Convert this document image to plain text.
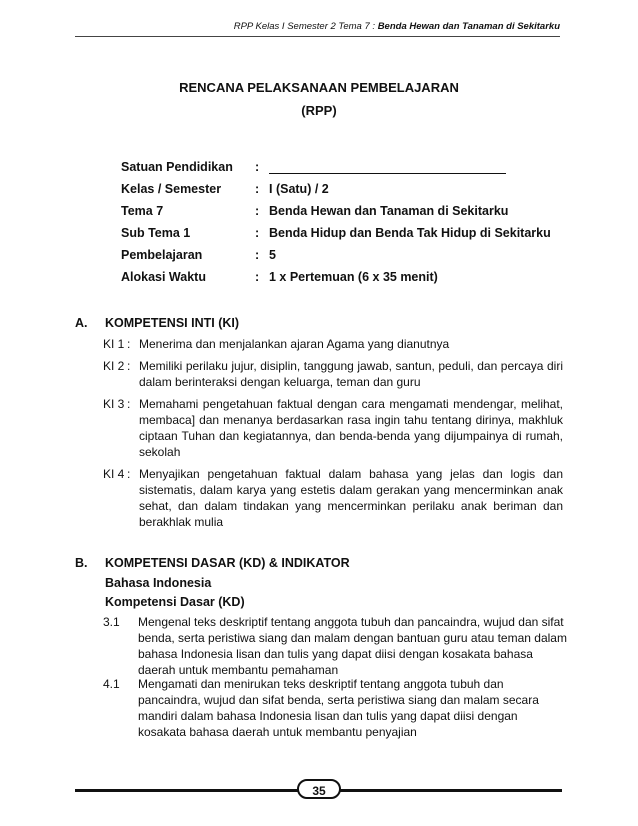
RPP Kelas I Semester 2 Tema 7 : Benda Hewan dan Tanaman di Sekitarku
RENCANA PELAKSANAAN PEMBELAJARAN
(RPP)
Satuan Pendidikan	:
Kelas / Semester	: I (Satu) / 2
Tema 7	: Benda Hewan dan Tanaman di Sekitarku
Sub Tema 1	: Benda Hidup dan Benda Tak Hidup di Sekitarku
Pembelajaran	: 5
Alokasi Waktu	: 1 x Pertemuan (6 x 35 menit)
A. KOMPETENSI INTI (KI)
KI 1 : Menerima dan menjalankan ajaran Agama yang dianutnya
KI 2 : Memiliki perilaku jujur, disiplin, tanggung jawab, santun, peduli, dan percaya diri dalam berinteraksi dengan keluarga, teman dan guru
KI 3 : Memahami pengetahuan faktual dengan cara mengamati mendengar, melihat, membaca] dan menanya berdasarkan rasa ingin tahu tentang dirinya, makhluk ciptaan Tuhan dan kegiatannya, dan benda-benda yang dijumpainya di rumah, sekolah
KI 4 : Menyajikan pengetahuan faktual dalam bahasa yang jelas dan logis dan sistematis, dalam karya yang estetis dalam gerakan yang mencerminkan anak sehat, dan dalam tindakan yang mencerminkan perilaku anak beriman dan berakhlak mulia
B. KOMPETENSI DASAR (KD) & INDIKATOR
Bahasa Indonesia
Kompetensi Dasar (KD)
3.1	Mengenal teks deskriptif tentang anggota tubuh dan pancaindra, wujud dan sifat benda, serta peristiwa siang dan malam dengan bantuan guru atau teman dalam bahasa Indonesia lisan dan tulis yang dapat diisi dengan kosakata bahasa daerah untuk membantu pemahaman
4.1	Mengamati dan menirukan teks deskriptif tentang anggota tubuh dan pancaindra, wujud dan sifat benda, serta peristiwa siang dan malam secara mandiri dalam bahasa Indonesia lisan dan tulis yang dapat diisi dengan kosakata bahasa daerah untuk membantu penyajian
35
